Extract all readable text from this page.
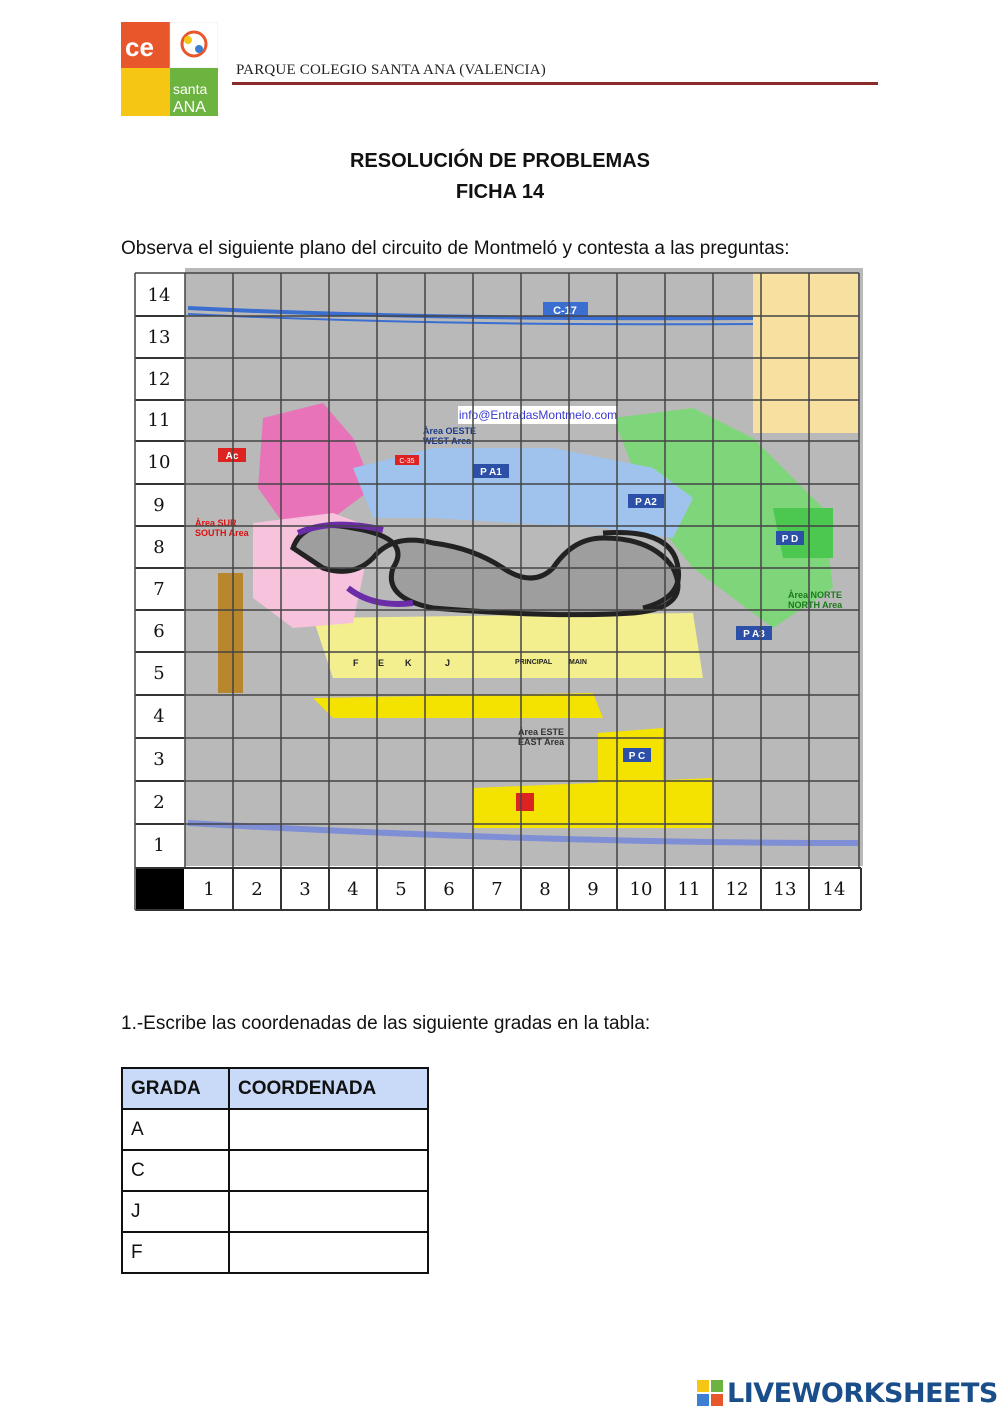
ce
santa
ANA
PARQUE COLEGIO SANTA ANA (VALENCIA)
RESOLUCIÓN DE PROBLEMAS
FICHA 14
Observa el siguiente plano del circuito de Montmeló y contesta a las preguntas:
C-17
info@EntradasMontmelo.com
Àrea OESTE
WEST Area
Àrea SUR
SOUTH Area
Àrea NORTE
NORTH Area
Àrea ESTE
EAST Area
P A1
P A2
P A3
P D
P C
C-35
Ac
F E K	J	PRINCIPAL MAIN
14
13
12
11
10
9
8
7
6
5
4
3
2
1
1 2 3 4 5 6 7 8 9 10 11 12 13 14
1.-Escribe las coordenadas de las siguiente gradas en la tabla:
GRADA	COORDENADA
A	
C	
J	
F	
LIVEWORKSHEETS
